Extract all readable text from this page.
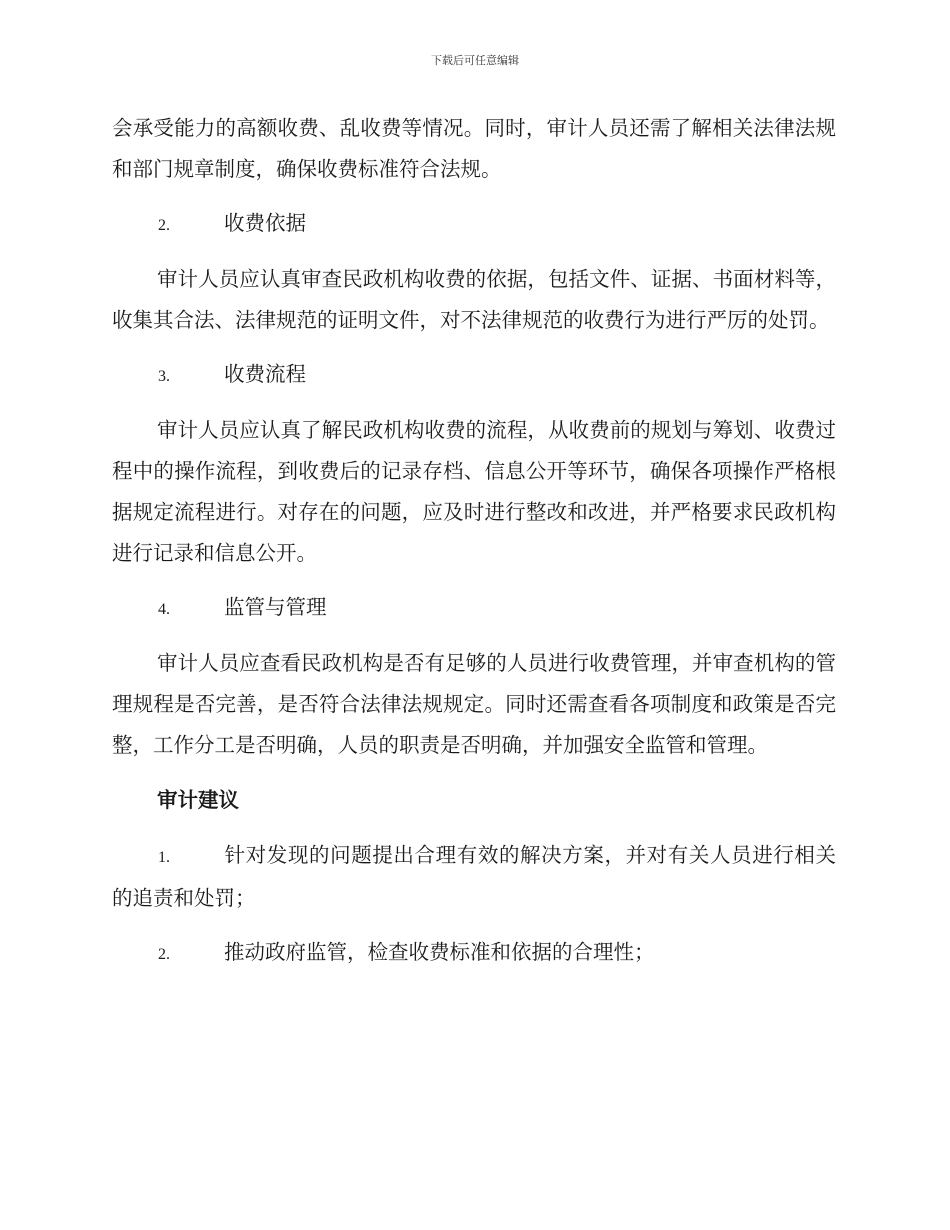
下载后可任意编辑

会承受能力的高额收费、乱收费等情况。同时，审计人员还需了解相关法律法规和部门规章制度，确保收费标准符合法规。

2.	收费依据

审计人员应认真审查民政机构收费的依据，包括文件、证据、书面材料等，收集其合法、法律规范的证明文件，对不法律规范的收费行为进行严厉的处罚。

3.	收费流程

审计人员应认真了解民政机构收费的流程，从收费前的规划与筹划、收费过程中的操作流程，到收费后的记录存档、信息公开等环节，确保各项操作严格根据规定流程进行。对存在的问题，应及时进行整改和改进，并严格要求民政机构进行记录和信息公开。

4.	监管与管理

审计人员应查看民政机构是否有足够的人员进行收费管理，并审查机构的管理规程是否完善，是否符合法律法规规定。同时还需查看各项制度和政策是否完整，工作分工是否明确，人员的职责是否明确，并加强安全监管和管理。

审计建议
1.	针对发现的问题提出合理有效的解决方案，并对有关人员进行相关的追责和处罚；
2.	推动政府监管，检查收费标准和依据的合理性；
